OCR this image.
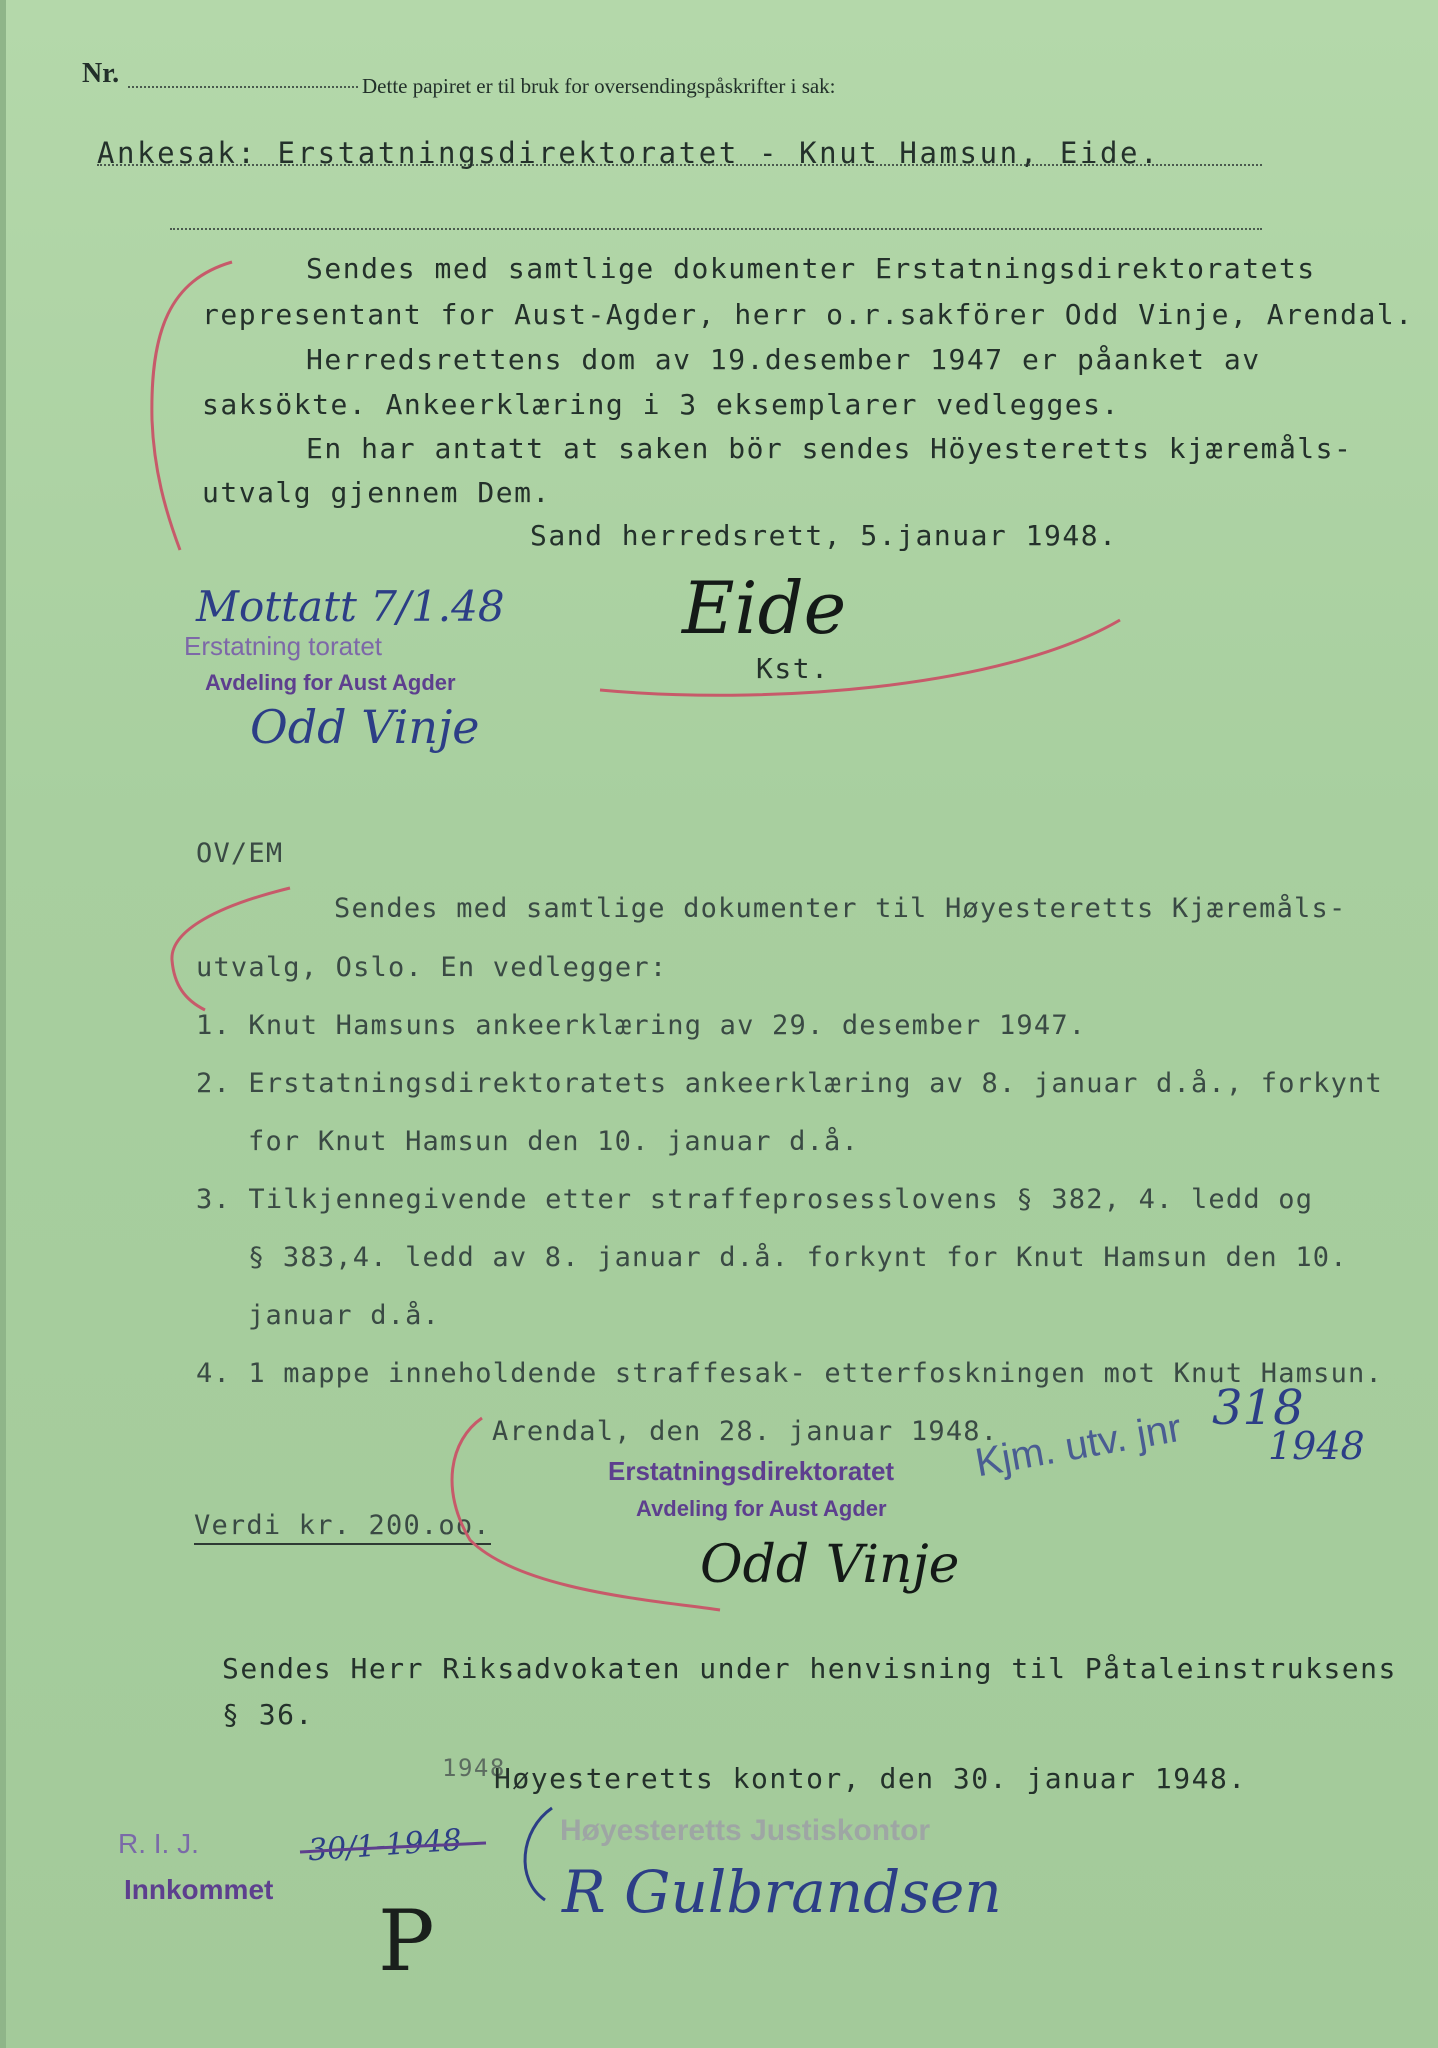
Nr.	Dette papiret er til bruk for oversendingspåskrifter i sak:
Ankesak: Erstatningsdirektoratet - Knut Hamsun, Eide.
Sendes med samtlige dokumenter Erstatningsdirektoratets
representant for Aust-Agder, herr o.r.sakförer Odd Vinje, Arendal.
Herredsrettens dom av 19.desember 1947 er påanket av
saksökte. Ankeerklæring i 3 eksemplarer vedlegges.
En har antatt at saken bör sendes Höyesteretts kjæremåls-
utvalg gjennem Dem.
Sand herredsrett, 5.januar 1948.
Eide
Kst.
Mottatt 7/1.48
Erstatning toratet
Avdeling for Aust Agder
Odd Vinje
OV/EM
Sendes med samtlige dokumenter til Høyesteretts Kjæremåls-
utvalg, Oslo. En vedlegger:
1. Knut Hamsuns ankeerklæring av 29. desember 1947.
2. Erstatningsdirektoratets ankeerklæring av 8. januar d.å., forkynt
for Knut Hamsun den 10. januar d.å.
3. Tilkjennegivende etter straffeprosesslovens § 382, 4. ledd og
§ 383,4. ledd av 8. januar d.å. forkynt for Knut Hamsun den 10.
januar d.å.
4. 1 mappe inneholdende straffesak- etterfoskningen mot Knut Hamsun.
Arendal, den 28. januar 1948.
Erstatningsdirektoratet
Avdeling for Aust Agder
Verdi kr. 200.oo.
Odd Vinje
Kjm. utv. jnr 318
1948
Sendes Herr Riksadvokaten under henvisning til Påtaleinstruksens
§ 36.
1948
Høyesteretts kontor, den 30. januar 1948.
Høyesteretts Justiskontor
R Gulbrandsen
R. I. J.
Innkommet
30/1-1948
P
